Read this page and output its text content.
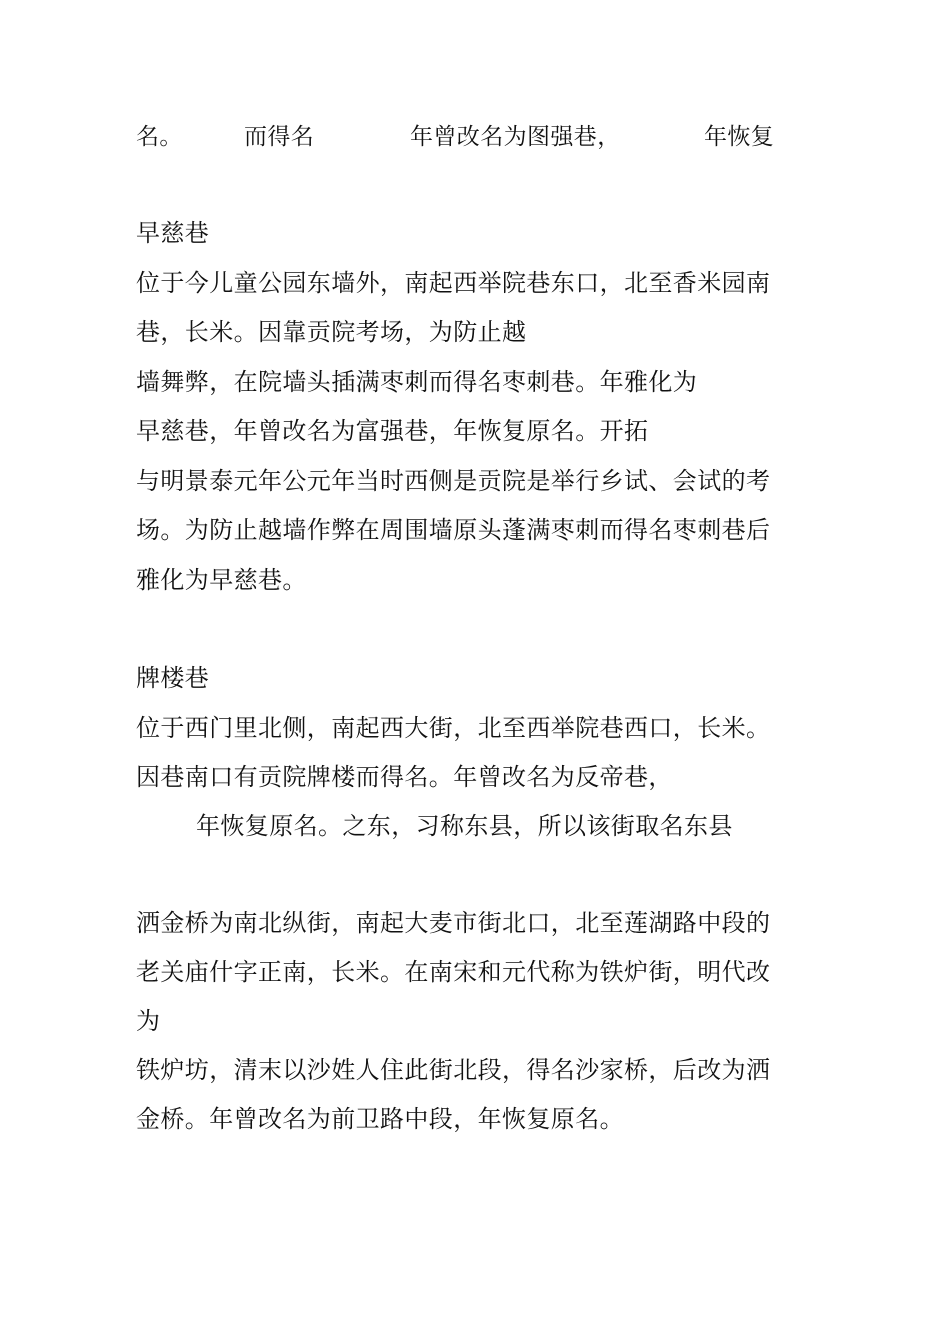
名。	而得名	年曾改名为图强巷，	年恢复
早慈巷
位于今儿童公园东墙外，南起西举院巷东口，北至香米园南
巷，长米。因靠贡院考场，为防止越
墙舞弊，在院墙头插满枣刺而得名枣刺巷。年雅化为
早慈巷，年曾改名为富强巷，年恢复原名。开拓
与明景泰元年公元年当时西侧是贡院是举行乡试、会试的考
场。为防止越墙作弊在周围墙原头蓬满枣刺而得名枣刺巷后
雅化为早慈巷。
牌楼巷
位于西门里北侧，南起西大街，北至西举院巷西口，长米。
因巷南口有贡院牌楼而得名。年曾改名为反帝巷，
年恢复原名。之东，习称东县，所以该街取名东县
洒金桥为南北纵街，南起大麦市街北口，北至莲湖路中段的
老关庙什字正南，长米。在南宋和元代称为铁炉街，明代改
为
铁炉坊，清末以沙姓人住此街北段，得名沙家桥，后改为洒
金桥。年曾改名为前卫路中段，年恢复原名。
